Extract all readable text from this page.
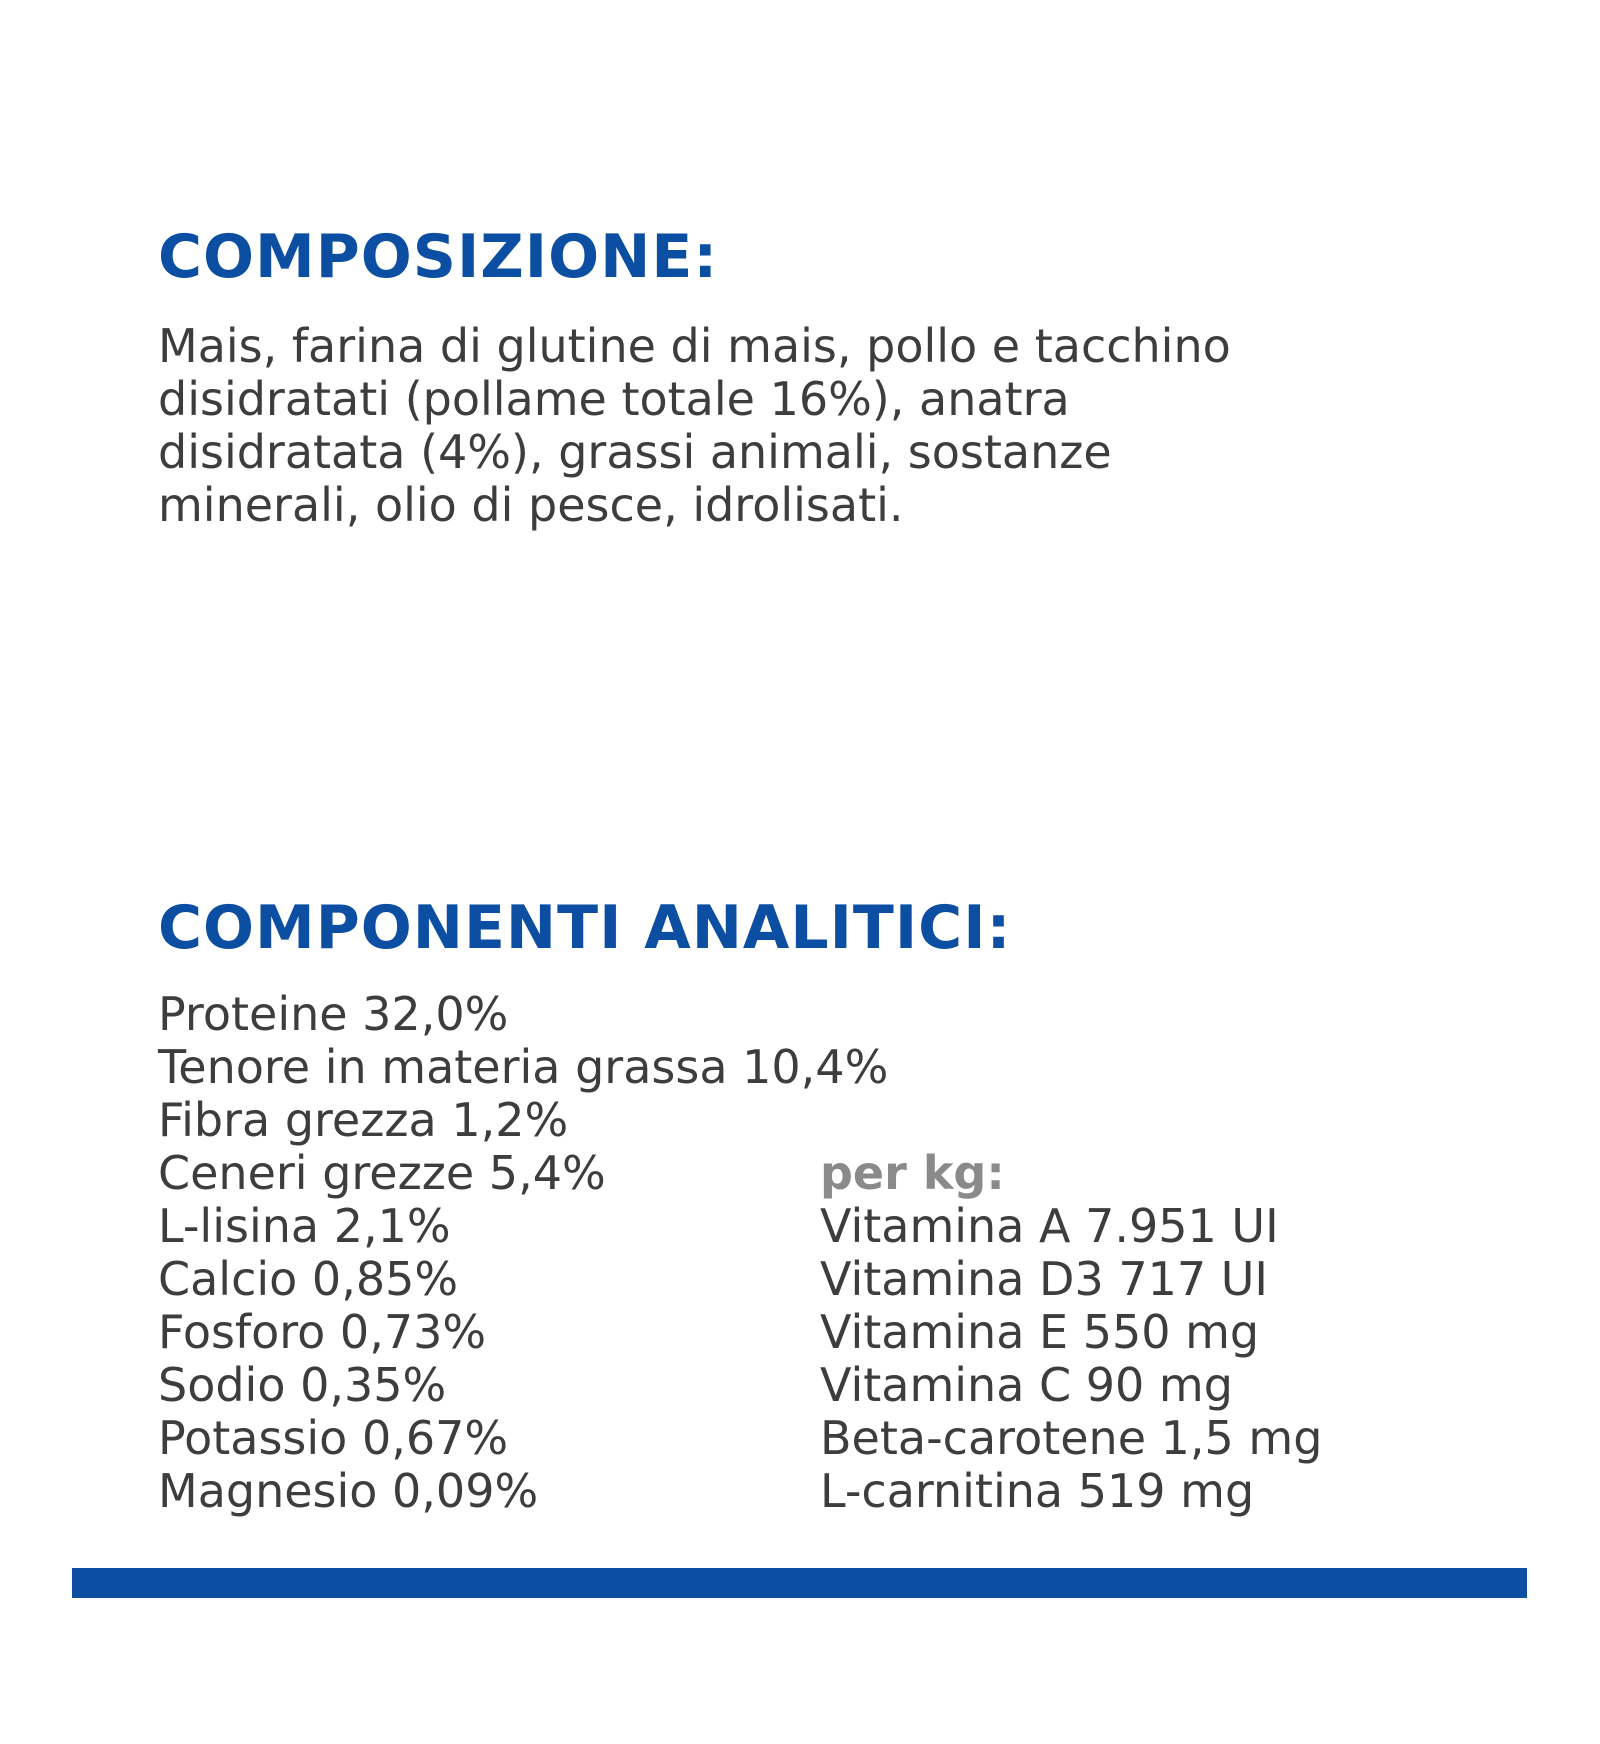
COMPOSIZIONE:

Mais, farina di glutine di mais, pollo e tacchino
disidratati (pollame totale 16%), anatra
disidratata (4%), grassi animali, sostanze
minerali, olio di pesce, idrolisati.

COMPONENTI ANALITICI:
Proteine 32,0%
Tenore in materia grassa 10,4%
Fibra grezza 1,2%
Ceneri grezze 5,4%
L-lisina 2,1%
Calcio 0,85%
Fosforo 0,73%
Sodio 0,35%
Potassio 0,67%
Magnesio 0,09%
per kg:
Vitamina A 7.951 UI
Vitamina D3 717 UI
Vitamina E 550 mg
Vitamina C 90 mg
Beta-carotene 1,5 mg
L-carnitina 519 mg
